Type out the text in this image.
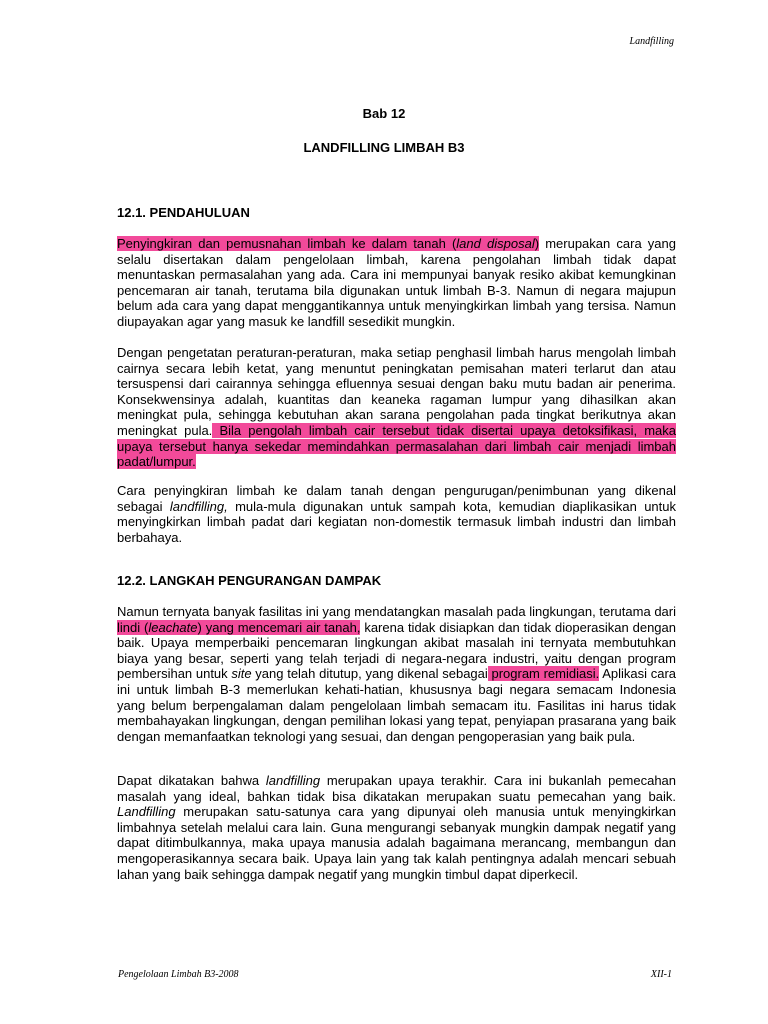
Landfilling
Bab 12
LANDFILLING LIMBAH B3
12.1. PENDAHULUAN
Penyingkiran dan pemusnahan limbah ke dalam tanah (land disposal) merupakan cara yang selalu disertakan dalam pengelolaan limbah, karena pengolahan limbah tidak dapat menuntaskan permasalahan yang ada. Cara ini mempunyai banyak resiko akibat kemungkinan pencemaran air tanah, terutama bila digunakan untuk limbah B-3. Namun di negara majupun belum ada cara yang dapat menggantikannya untuk menyingkirkan limbah yang tersisa. Namun diupayakan agar yang masuk ke landfill sesedikit mungkin.
Dengan pengetatan peraturan-peraturan, maka setiap penghasil limbah harus mengolah limbah cairnya secara lebih ketat, yang menuntut peningkatan pemisahan materi terlarut dan atau tersuspensi dari cairannya sehingga efluennya sesuai dengan baku mutu badan air penerima. Konsekwensinya adalah, kuantitas dan keaneka ragaman lumpur yang dihasilkan akan meningkat pula, sehingga kebutuhan akan sarana pengolahan pada tingkat berikutnya akan meningkat pula. Bila pengolah limbah cair tersebut tidak disertai upaya detoksifikasi, maka upaya tersebut hanya sekedar memindahkan permasalahan dari limbah cair menjadi limbah padat/lumpur.
Cara penyingkiran limbah ke dalam tanah dengan pengurugan/penimbunan yang dikenal sebagai landfilling, mula-mula digunakan untuk sampah kota, kemudian diaplikasikan untuk menyingkirkan limbah padat dari kegiatan non-domestik termasuk limbah industri dan limbah berbahaya.
12.2. LANGKAH PENGURANGAN DAMPAK
Namun ternyata banyak fasilitas ini yang mendatangkan masalah pada lingkungan, terutama dari lindi (leachate) yang mencemari air tanah, karena tidak disiapkan dan tidak dioperasikan dengan baik. Upaya memperbaiki pencemaran lingkungan akibat masalah ini ternyata membutuhkan biaya yang besar, seperti yang telah terjadi di negara-negara industri, yaitu dengan program pembersihan untuk site yang telah ditutup, yang dikenal sebagai program remidiasi. Aplikasi cara ini untuk limbah B-3 memerlukan kehati-hatian, khususnya bagi negara semacam Indonesia yang belum berpengalaman dalam pengelolaan limbah semacam itu. Fasilitas ini harus tidak membahayakan lingkungan, dengan pemilihan lokasi yang tepat, penyiapan prasarana yang baik dengan memanfaatkan teknologi yang sesuai, dan dengan pengoperasian yang baik pula.
Dapat dikatakan bahwa landfilling merupakan upaya terakhir. Cara ini bukanlah pemecahan masalah yang ideal, bahkan tidak bisa dikatakan merupakan suatu pemecahan yang baik. Landfilling merupakan satu-satunya cara yang dipunyai oleh manusia untuk menyingkirkan limbahnya setelah melalui cara lain. Guna mengurangi sebanyak mungkin dampak negatif yang dapat ditimbulkannya, maka upaya manusia adalah bagaimana merancang, membangun dan mengoperasikannya secara baik. Upaya lain yang tak kalah pentingnya adalah mencari sebuah lahan yang baik sehingga dampak negatif yang mungkin timbul dapat diperkecil.
Pengelolaan Limbah B3-2008	XII-1
